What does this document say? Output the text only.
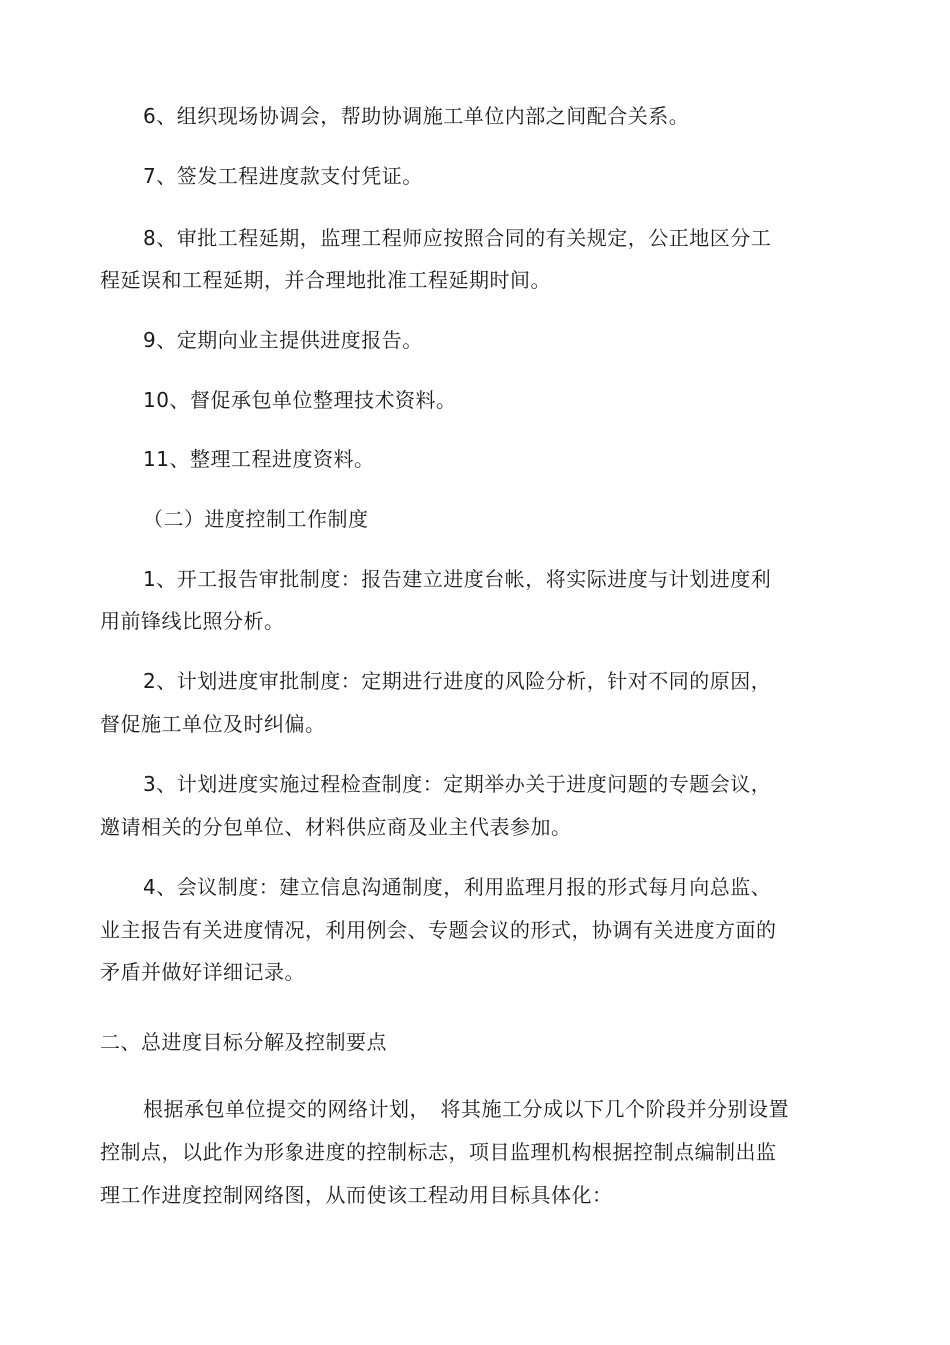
6、组织现场协调会，帮助协调施工单位内部之间配合关系。
7、签发工程进度款支付凭证。
8、审批工程延期，监理工程师应按照合同的有关规定，公正地区分工
程延误和工程延期，并合理地批准工程延期时间。
9、定期向业主提供进度报告。
10、督促承包单位整理技术资料。
11、整理工程进度资料。
（二）进度控制工作制度
1、开工报告审批制度：报告建立进度台帐，将实际进度与计划进度利
用前锋线比照分析。
2、计划进度审批制度：定期进行进度的风险分析，针对不同的原因，
督促施工单位及时纠偏。
3、计划进度实施过程检查制度：定期举办关于进度问题的专题会议，
邀请相关的分包单位、材料供应商及业主代表参加。
4、会议制度：建立信息沟通制度，利用监理月报的形式每月向总监、
业主报告有关进度情况，利用例会、专题会议的形式，协调有关进度方面的
矛盾并做好详细记录。
二、总进度目标分解及控制要点
根据承包单位提交的网络计划，　将其施工分成以下几个阶段并分别设置
控制点，以此作为形象进度的控制标志，项目监理机构根据控制点编制出监
理工作进度控制网络图，从而使该工程动用目标具体化：
